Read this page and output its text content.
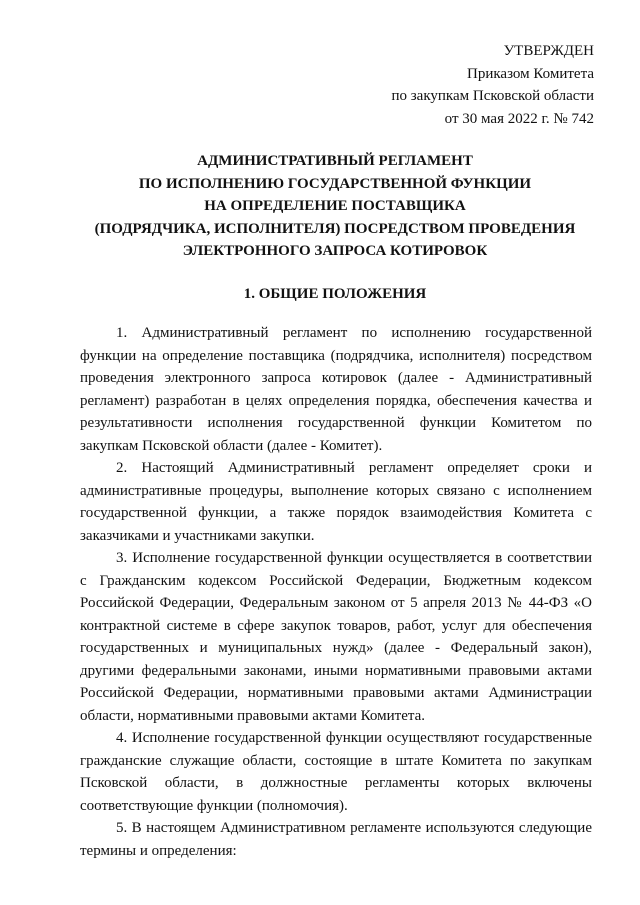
УТВЕРЖДЕН
Приказом Комитета
по закупкам Псковской области
от 30 мая 2022 г. № 742
АДМИНИСТРАТИВНЫЙ РЕГЛАМЕНТ
ПО ИСПОЛНЕНИЮ ГОСУДАРСТВЕННОЙ ФУНКЦИИ
НА ОПРЕДЕЛЕНИЕ ПОСТАВЩИКА
(ПОДРЯДЧИКА, ИСПОЛНИТЕЛЯ) ПОСРЕДСТВОМ ПРОВЕДЕНИЯ
ЭЛЕКТРОННОГО ЗАПРОСА КОТИРОВОК
1. ОБЩИЕ ПОЛОЖЕНИЯ

1. Административный регламент по исполнению государственной функции на определение поставщика (подрядчика, исполнителя) посредством проведения электронного запроса котировок (далее - Административный регламент) разработан в целях определения порядка, обеспечения качества и результативности исполнения государственной функции Комитетом по закупкам Псковской области (далее - Комитет).

2. Настоящий Административный регламент определяет сроки и административные процедуры, выполнение которых связано с исполнением государственной функции, а также порядок взаимодействия Комитета с заказчиками и участниками закупки.

3. Исполнение государственной функции осуществляется в соответствии с Гражданским кодексом Российской Федерации, Бюджетным кодексом Российской Федерации, Федеральным законом от 5 апреля 2013 № 44-ФЗ «О контрактной системе в сфере закупок товаров, работ, услуг для обеспечения государственных и муниципальных нужд» (далее - Федеральный закон), другими федеральными законами, иными нормативными правовыми актами Российской Федерации, нормативными правовыми актами Администрации области, нормативными правовыми актами Комитета.

4. Исполнение государственной функции осуществляют государственные гражданские служащие области, состоящие в штате Комитета по закупкам Псковской области, в должностные регламенты которых включены соответствующие функции (полномочия).

5. В настоящем Административном регламенте используются следующие термины и определения:
